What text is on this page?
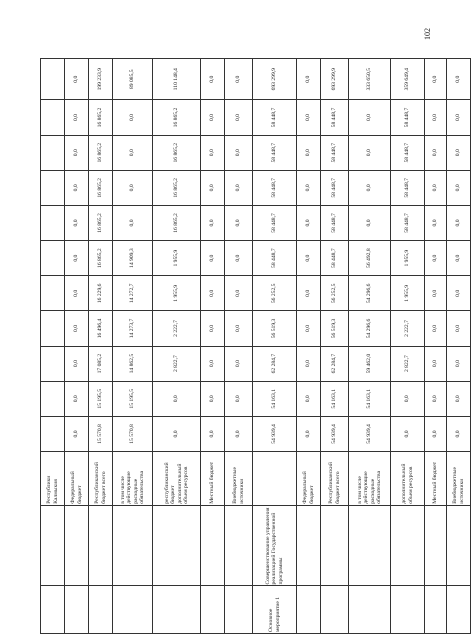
		Республики Калмыкия											
		Федеральный бюджет	0,0	0,0	0,0	0,0	0,0	0,0	0,0	0,0	0,0	0,0	0,0
		Республиканский бюджет всего	15 570,8	15 195,5	17 085,2	16 496,4	16 229,6	16 865,2	16 865,2	16 865,2	16 865,2	16 865,2	199 233,9
		в том числе действующие расходные обязательства	15 570,8	15 195,5	14 862,5	14 273,7	14 272,7	14 909,3	0,0	0,0	0,0	0,0	89 085,5
		республиканский бюджет дополнительный объем ресурсов	0,0	0,0	2 822,7	2 222,7	1 955,9	1 955,9	16 865,2	16 865,2	16 865,2	16 865,2	110 148,4
		Местный бюджет	0,0	0,0	0,0	0,0	0,0	0,0	0,0	0,0	0,0	0,0	0,0
		Внебюджетные источники	0,0	0,0	0,0	0,0	0,0	0,0	0,0	0,0	0,0	0,0	0,0
Основное мероприятие 1	Совершенствование управления реализацией Государственной программы		54 939,4	54 163,1	62 284,7	56 519,3	56 252,5	58 448,7	58 448,7	58 448,7	58 448,7	58 448,7	693 299,9
		Федеральный бюджет	0,0	0,0	0,0	0,0	0,0	0,0	0,0	0,0	0,0	0,0	0,0
		Республиканский бюджет всего	54 939,4	54 163,1	62 284,7	56 519,3	56 252,5	58 448,7	58 448,7	58 448,7	58 448,7	58 448,7	693 299,9
		в том числе действующие расходные обязательства	54 939,4	54 163,1	59 462,0	54 296,6	54 296,6	56 492,8	0,0	0,0	0,0	0,0	333 650,5
		дополнительный объем ресурсов	0,0	0,0	2 822,7	2 222,7	1 955,9	1 955,9	58 448,7	58 448,7	58 448,7	58 448,7	359 649,4
		Местный бюджет	0,0	0,0	0,0	0,0	0,0	0,0	0,0	0,0	0,0	0,0	0,0
		Внебюджетные источники	0,0	0,0	0,0	0,0	0,0	0,0	0,0	0,0	0,0	0,0	0,0
102
